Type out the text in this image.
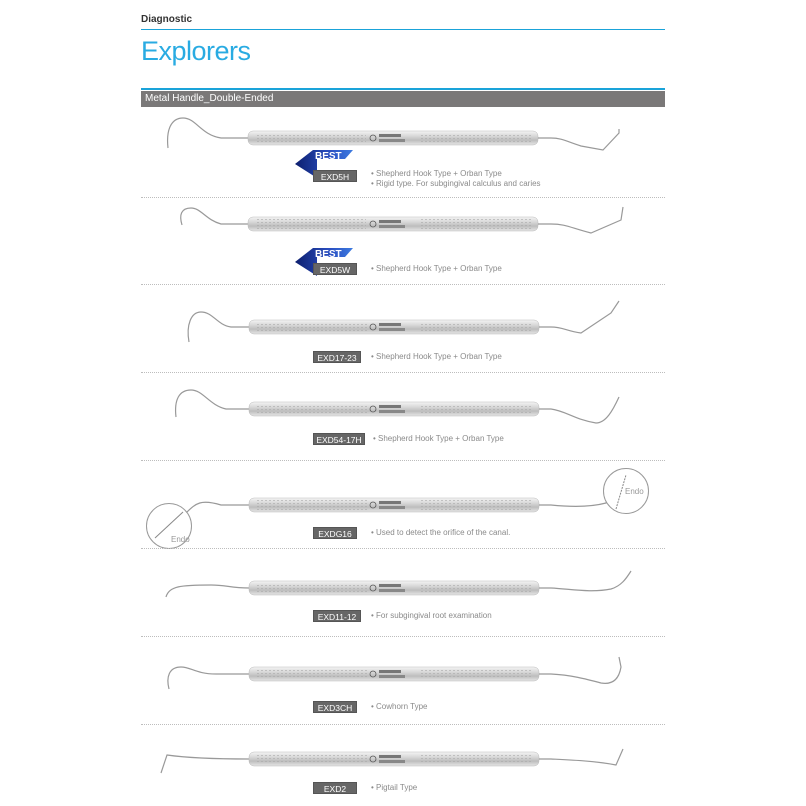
Diagnostic
Explorers
Metal Handle_Double-Ended
BEST
EXD5H	• Shepherd Hook Type + Orban Type
• Rigid type. For subgingival calculus and caries
BEST
EXD5W	• Shepherd Hook Type + Orban Type
EXD17-23	• Shepherd Hook Type + Orban Type
EXD54-17H	• Shepherd Hook Type + Orban Type
Endo
Endo
EXDG16	• Used to detect the orifice of the canal.
EXD11-12	• For subgingival root examination
EXD3CH	• Cowhorn Type
EXD2	• Pigtail Type
